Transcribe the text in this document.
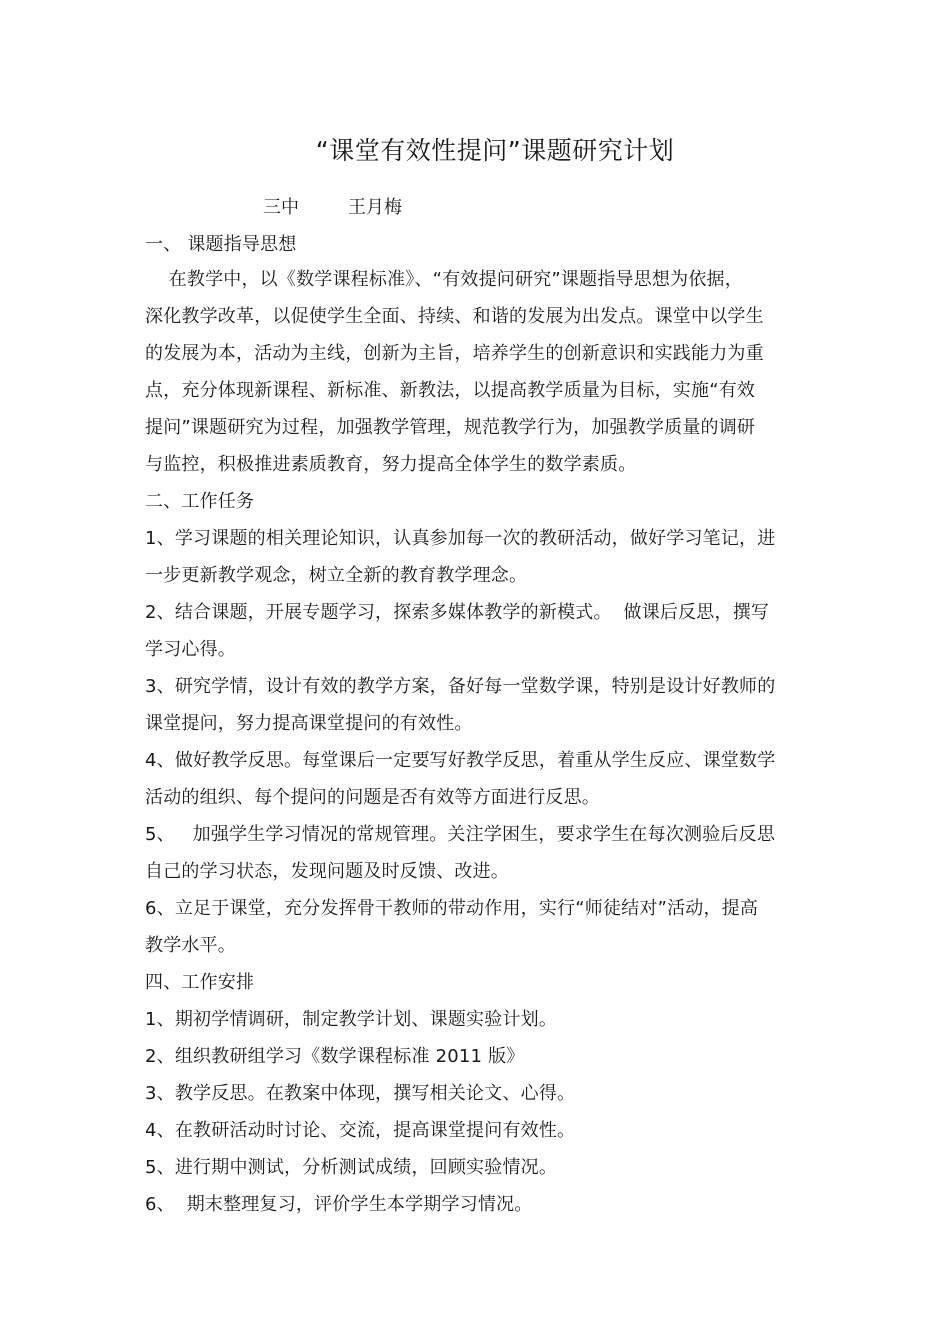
“课堂有效性提问”课题研究计划
三中	王月梅
一、 课题指导思想
在教学中，以《数学课程标准》、“有效提问研究”课题指导思想为依据，
深化教学改革，以促使学生全面、持续、和谐的发展为出发点。课堂中以学生
的发展为本，活动为主线，创新为主旨，培养学生的创新意识和实践能力为重
点，充分体现新课程、新标准、新教法，以提高教学质量为目标，实施“有效
提问”课题研究为过程，加强教学管理，规范教学行为，加强教学质量的调研
与监控，积极推进素质教育，努力提高全体学生的数学素质。
二、工作任务
1、学习课题的相关理论知识，认真参加每一次的教研活动，做好学习笔记，进
一步更新教学观念，树立全新的教育教学理念。
2、结合课题，开展专题学习，探索多媒体教学的新模式。  做课后反思，撰写
学习心得。
3、研究学情，设计有效的教学方案，备好每一堂数学课，特别是设计好教师的
课堂提问，努力提高课堂提问的有效性。
4、做好教学反思。每堂课后一定要写好教学反思，着重从学生反应、课堂数学
活动的组织、每个提问的问题是否有效等方面进行反思。
5、   加强学生学习情况的常规管理。关注学困生，要求学生在每次测验后反思
自己的学习状态，发现问题及时反馈、改进。
6、立足于课堂，充分发挥骨干教师的带动作用，实行“师徒结对”活动，提高
教学水平。
四、工作安排
1、期初学情调研，制定教学计划、课题实验计划。
2、组织教研组学习《数学课程标准 2011 版》
3、教学反思。在教案中体现，撰写相关论文、心得。
4、在教研活动时讨论、交流，提高课堂提问有效性。
5、进行期中测试，分析测试成绩，回顾实验情况。
6、  期末整理复习，评价学生本学期学习情况。
